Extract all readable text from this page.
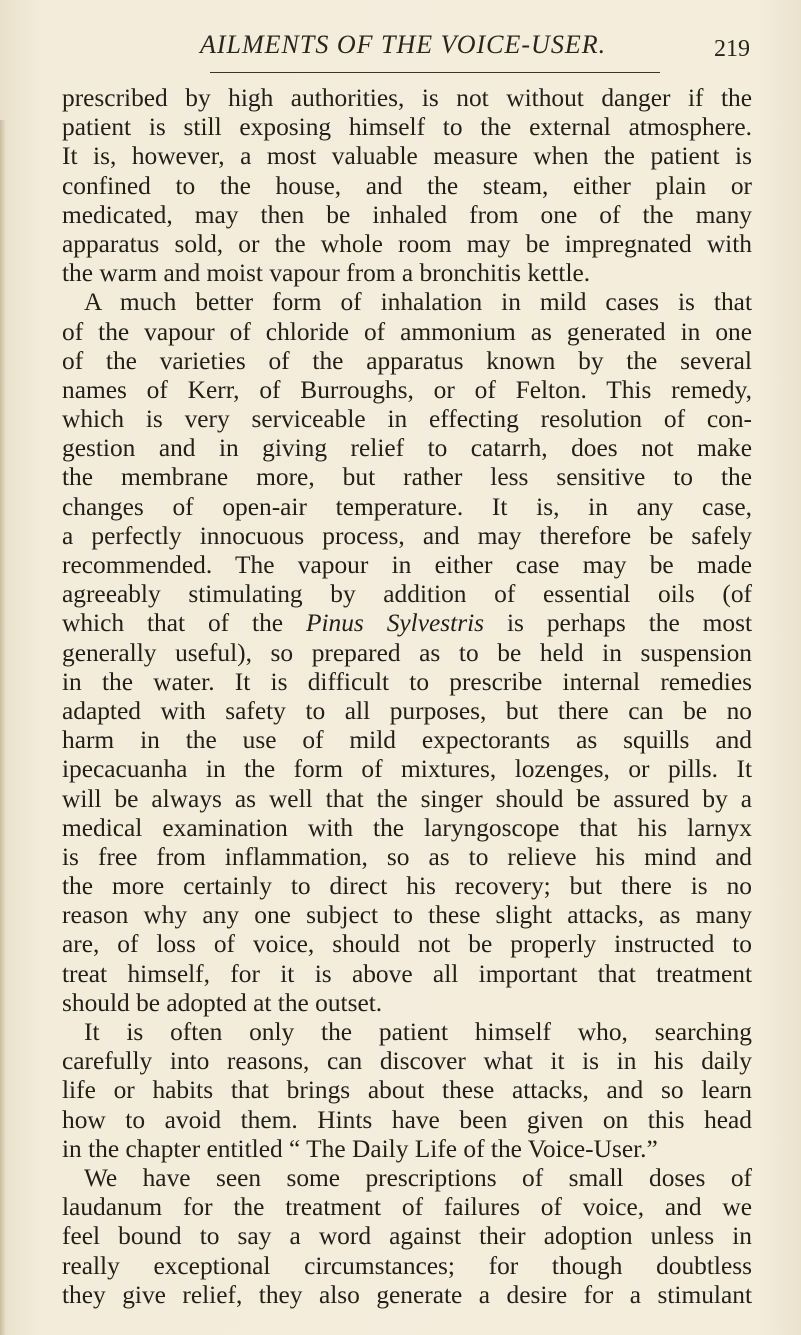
AILMENTS OF THE VOICE-USER.	219
prescribed by high authorities, is not without danger if the
patient is still exposing himself to the external atmosphere.
It is, however, a most valuable measure when the patient is
confined to the house, and the steam, either plain or
medicated, may then be inhaled from one of the many
apparatus sold, or the whole room may be impregnated with
the warm and moist vapour from a bronchitis kettle.
A much better form of inhalation in mild cases is that
of the vapour of chloride of ammonium as generated in one
of the varieties of the apparatus known by the several
names of Kerr, of Burroughs, or of Felton. This remedy,
which is very serviceable in effecting resolution of con-
gestion and in giving relief to catarrh, does not make
the membrane more, but rather less sensitive to the
changes of open-air temperature. It is, in any case,
a perfectly innocuous process, and may therefore be safely
recommended. The vapour in either case may be made
agreeably stimulating by addition of essential oils (of
which that of the Pinus Sylvestris is perhaps the most
generally useful), so prepared as to be held in suspension
in the water. It is difficult to prescribe internal remedies
adapted with safety to all purposes, but there can be no
harm in the use of mild expectorants as squills and
ipecacuanha in the form of mixtures, lozenges, or pills. It
will be always as well that the singer should be assured by a
medical examination with the laryngoscope that his larnyx
is free from inflammation, so as to relieve his mind and
the more certainly to direct his recovery; but there is no
reason why any one subject to these slight attacks, as many
are, of loss of voice, should not be properly instructed to
treat himself, for it is above all important that treatment
should be adopted at the outset.
It is often only the patient himself who, searching
carefully into reasons, can discover what it is in his daily
life or habits that brings about these attacks, and so learn
how to avoid them. Hints have been given on this head
in the chapter entitled “ The Daily Life of the Voice-User.”
We have seen some prescriptions of small doses of
laudanum for the treatment of failures of voice, and we
feel bound to say a word against their adoption unless in
really exceptional circumstances; for though doubtless
they give relief, they also generate a desire for a stimulant
